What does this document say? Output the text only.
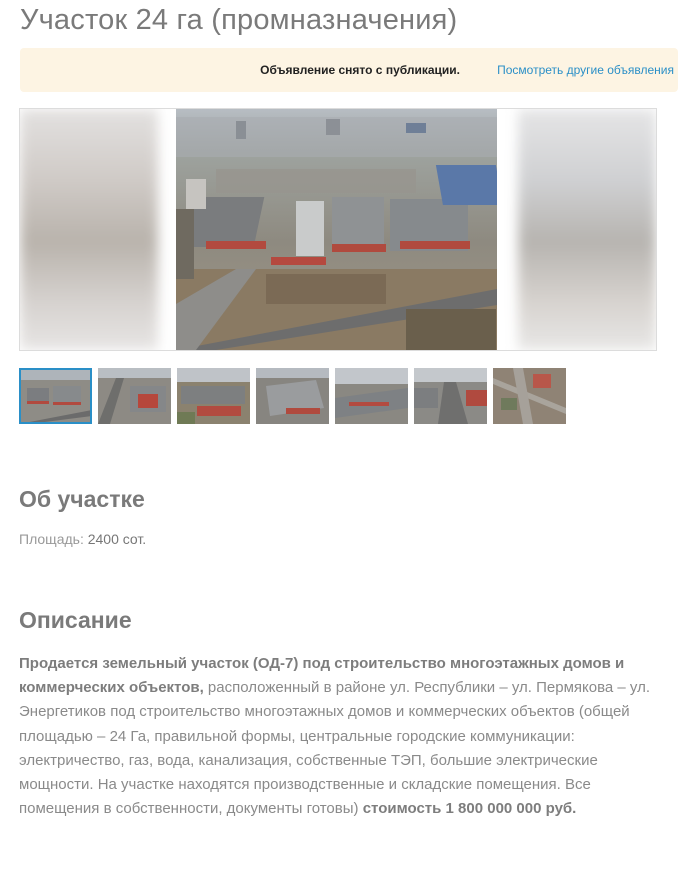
Участок 24 га (промназначения)
Объявление снято с публикации.	Посмотреть другие объявления
Об участке
Площадь: 2400 сот.
Описание
Продается земельный участок (ОД-7) под строительство многоэтажных домов и коммерческих объектов, расположенный в районе ул. Республики – ул. Пермякова – ул. Энергетиков под строительство многоэтажных домов и коммерческих объектов (общей площадью – 24 Га, правильной формы, центральные городские коммуникации: электричество, газ, вода, канализация, собственные ТЭП, большие электрические мощности. На участке находятся производственные и складские помещения. Все помещения в собственности, документы готовы) стоимость 1 800 000 000 руб.
